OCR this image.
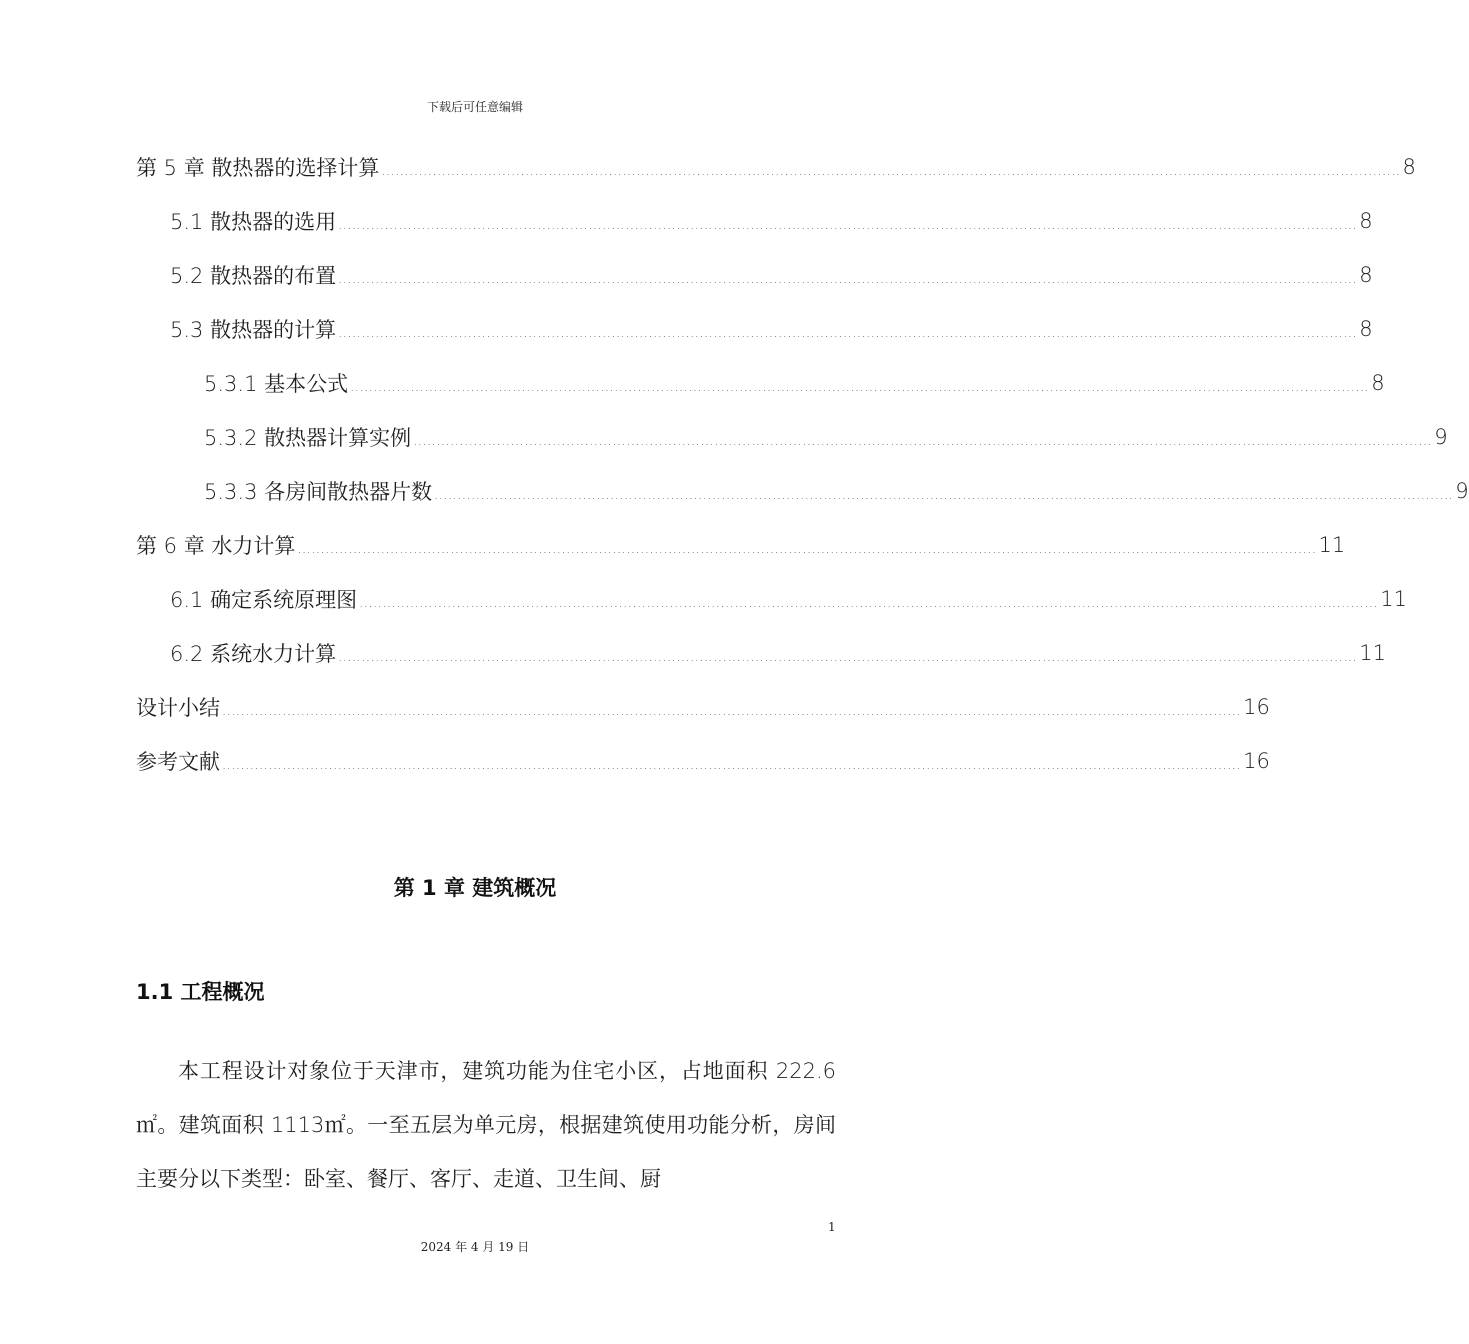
下载后可任意编辑
第 5 章 散热器的选择计算 ............................................................................................................................................................................................................................ 8
5.1 散热器的选用 ............................................................................................................................................................................................................................ 8
5.2 散热器的布置 ............................................................................................................................................................................................................................ 8
5.3 散热器的计算 ............................................................................................................................................................................................................................ 8
5.3.1 基本公式 ............................................................................................................................................................................................................................ 8
5.3.2 散热器计算实例 ............................................................................................................................................................................................................................ 9
5.3.3 各房间散热器片数 ............................................................................................................................................................................................................................ 9
第 6 章 水力计算 ............................................................................................................................................................................................................................ 11
6.1 确定系统原理图 ............................................................................................................................................................................................................................ 11
6.2 系统水力计算 ............................................................................................................................................................................................................................ 11
设计小结 ............................................................................................................................................................................................................................ 16
参考文献 ............................................................................................................................................................................................................................ 16
第 1 章 建筑概况
1.1 工程概况
本工程设计对象位于天津市，建筑功能为住宅小区，占地面积 222.6㎡。建筑面积 1113㎡。一至五层为单元房，根据建筑使用功能分析，房间主要分以下类型：卧室、餐厅、客厅、走道、卫生间、厨
1
2024 年 4 月 19 日
